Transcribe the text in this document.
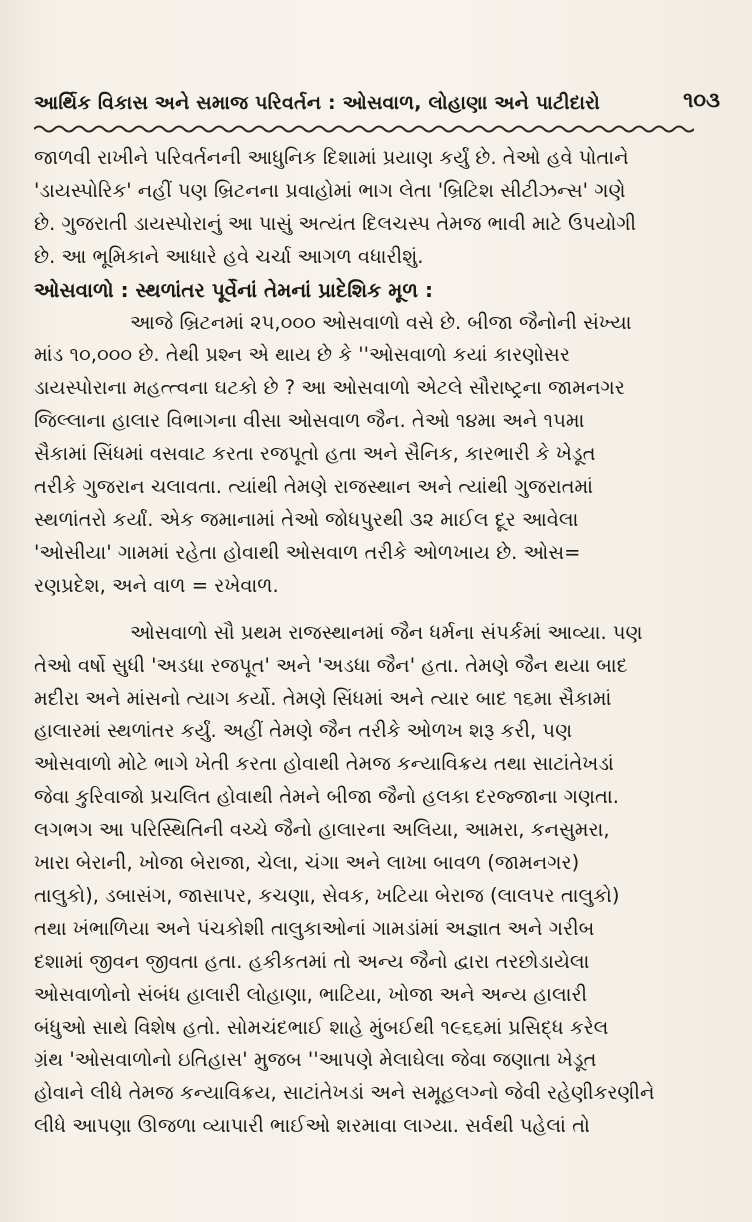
આર્થિક વિકાસ અને સમાજ પરિવર્તન : ઓસવાળ, લોહાણા અને પાટીદારો	૧૦૩
જાળવી રાખીને પરિવર્તનની આધુનિક દિશામાં પ્રયાણ કર્યું છે. તેઓ હવે પોતાને
'ડાયસ્પોરિક' નહીં પણ બ્રિટનના પ્રવાહોમાં ભાગ લેતા 'બ્રિટિશ સીટીઝન્સ' ગણે
છે. ગુજરાતી ડાયસ્પોરાનું આ પાસું અત્યંત દિલચસ્પ તેમજ ભાવી માટે ઉપયોગી
છે. આ ભૂમિકાને આધારે હવે ચર્ચા આગળ વધારીશું.
ઓસવાળો : સ્થળાંતર પૂર્વેનાં તેમનાં પ્રાદેશિક મૂળ :
આજે બ્રિટનમાં ૨૫,૦૦૦ ઓસવાળો વસે છે. બીજા જૈનોની સંખ્યા
માંડ ૧૦,૦૦૦ છે. તેથી પ્રશ્ન એ થાય છે કે ''ઓસવાળો કયાં કારણોસર
ડાયસ્પોરાના મહત્ત્વના ઘટકો છે ? આ ઓસવાળો એટલે સૌરાષ્ટ્રના જામનગર
જિલ્લાના હાલાર વિભાગના વીસા ઓસવાળ જૈન. તેઓ ૧૪મા અને ૧૫મા
સૈકામાં સિંધમાં વસવાટ કરતા રજપૂતો હતા અને સૈનિક, કારભારી કે ખેડૂત
તરીકે ગુજરાન ચલાવતા. ત્યાંથી તેમણે રાજસ્થાન અને ત્યાંથી ગુજરાતમાં
સ્થળાંતરો કર્યાં. એક જમાનામાં તેઓ જોધપુરથી ૩૨ માઈલ દૂર આવેલા
'ઓસીયા' ગામમાં રહેતા હોવાથી ઓસવાળ તરીકે ઓળખાય છે. ઓસ=
રણપ્રદેશ, અને વાળ = રખેવાળ.
ઓસવાળો સૌ પ્રથમ રાજસ્થાનમાં જૈન ધર્મના સંપર્કમાં આવ્યા. પણ
તેઓ વર્ષો સુધી 'અડધા રજપૂત' અને 'અડધા જૈન' હતા. તેમણે જૈન થયા બાદ
મદીરા અને માંસનો ત્યાગ કર્યો. તેમણે સિંધમાં અને ત્યાર બાદ ૧૬મા સૈકામાં
હાલારમાં સ્થળાંતર કર્યું. અહીં તેમણે જૈન તરીકે ઓળખ શરૂ કરી, પણ
ઓસવાળો મોટે ભાગે ખેતી કરતા હોવાથી તેમજ કન્યાવિક્રય તથા સાટાંતેખડાં
જેવા કુરિવાજો પ્રચલિત હોવાથી તેમને બીજા જૈનો હલકા દરજ્જાના ગણતા.
લગભગ આ પરિસ્થિતિની વચ્ચે જૈનો હાલારના અલિયા, આમરા, કનસુમરા,
ખારા બેરાની, ખોજા બેરાજા, ચેલા, ચંગા અને લાખા બાવળ (જામનગર)
તાલુકો), ડબાસંગ, જાસાપર, કચણા, સેવક, ખટિયા બેરાજ (લાલપર તાલુકો)
તથા ખંભાળિયા અને પંચકોશી તાલુકાઓનાં ગામડાંમાં અજ્ઞાત અને ગરીબ
દશામાં જીવન જીવતા હતા. હકીકતમાં તો અન્ય જૈનો દ્વારા તરછોડાયેલા
ઓસવાળોનો સંબંધ હાલારી લોહાણા, ભાટિયા, ખોજા અને અન્ય હાલારી
બંધુઓ સાથે વિશેષ હતો. સોમચંદભાઈ શાહે મુંબઈથી ૧૯૬૬માં પ્રસિદ્ધ કરેલ
ગ્રંથ 'ઓસવાળોનો ઇતિહાસ' મુજબ ''આપણે મેલાઘેલા જેવા જણાતા ખેડૂત
હોવાને લીધે તેમજ કન્યાવિક્રય, સાટાંતેખડાં અને સમૂહલગ્નો જેવી રહેણીકરણીને
લીધે આપણા ઊજળા વ્યાપારી ભાઈઓ શરમાવા લાગ્યા. સર્વથી પહેલાં તો
